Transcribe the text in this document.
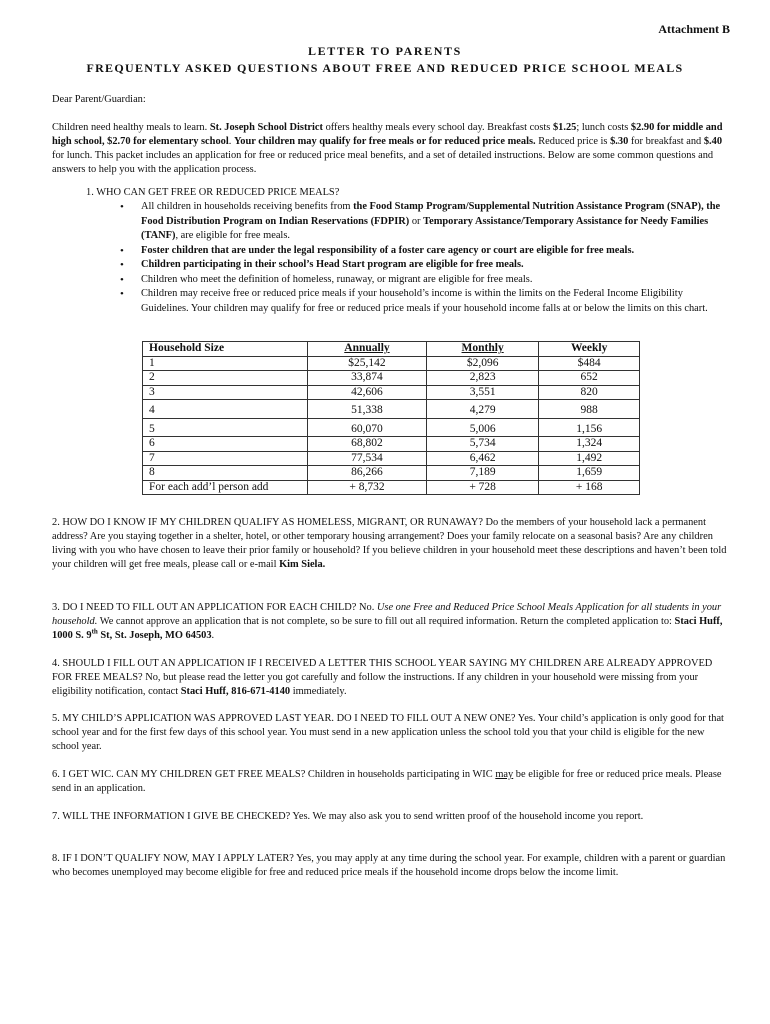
Attachment B
LETTER TO PARENTS
FREQUENTLY ASKED QUESTIONS ABOUT FREE AND REDUCED PRICE SCHOOL MEALS
Dear Parent/Guardian:
Children need healthy meals to learn. St. Joseph School District offers healthy meals every school day. Breakfast costs $1.25; lunch costs $2.90 for middle and high school, $2.70 for elementary school. Your children may qualify for free meals or for reduced price meals. Reduced price is $.30 for breakfast and $.40 for lunch. This packet includes an application for free or reduced price meal benefits, and a set of detailed instructions. Below are some common questions and answers to help you with the application process.
1. WHO CAN GET FREE OR REDUCED PRICE MEALS?
• All children in households receiving benefits from the Food Stamp Program/Supplemental Nutrition Assistance Program (SNAP), the Food Distribution Program on Indian Reservations (FDPIR) or Temporary Assistance/Temporary Assistance for Needy Families (TANF), are eligible for free meals.
• Foster children that are under the legal responsibility of a foster care agency or court are eligible for free meals.
• Children participating in their school’s Head Start program are eligible for free meals.
• Children who meet the definition of homeless, runaway, or migrant are eligible for free meals.
• Children may receive free or reduced price meals if your household’s income is within the limits on the Federal Income Eligibility Guidelines. Your children may qualify for free or reduced price meals if your household income falls at or below the limits on this chart.
Household Size	Annually	Monthly	Weekly
1	$25,142	$2,096	$484
2	33,874	2,823	652
3	42,606	3,551	820
4	51,338	4,279	988
5	60,070	5,006	1,156
6	68,802	5,734	1,324
7	77,534	6,462	1,492
8	86,266	7,189	1,659
For each add’l person add	+ 8,732	+ 728	+ 168
2. HOW DO I KNOW IF MY CHILDREN QUALIFY AS HOMELESS, MIGRANT, OR RUNAWAY? Do the members of your household lack a permanent address? Are you staying together in a shelter, hotel, or other temporary housing arrangement? Does your family relocate on a seasonal basis? Are any children living with you who have chosen to leave their prior family or household? If you believe children in your household meet these descriptions and haven’t been told your children will get free meals, please call or e-mail Kim Siela.
3. DO I NEED TO FILL OUT AN APPLICATION FOR EACH CHILD? No. Use one Free and Reduced Price School Meals Application for all students in your household. We cannot approve an application that is not complete, so be sure to fill out all required information. Return the completed application to: Staci Huff, 1000 S. 9th St, St. Joseph, MO 64503.
4. SHOULD I FILL OUT AN APPLICATION IF I RECEIVED A LETTER THIS SCHOOL YEAR SAYING MY CHILDREN ARE ALREADY APPROVED FOR FREE MEALS? No, but please read the letter you got carefully and follow the instructions. If any children in your household were missing from your eligibility notification, contact Staci Huff, 816-671-4140 immediately.
5. MY CHILD’S APPLICATION WAS APPROVED LAST YEAR. DO I NEED TO FILL OUT A NEW ONE? Yes. Your child’s application is only good for that school year and for the first few days of this school year. You must send in a new application unless the school told you that your child is eligible for the new school year.
6. I GET WIC. CAN MY CHILDREN GET FREE MEALS? Children in households participating in WIC may be eligible for free or reduced price meals. Please send in an application.
7. WILL THE INFORMATION I GIVE BE CHECKED? Yes. We may also ask you to send written proof of the household income you report.
8. IF I DON’T QUALIFY NOW, MAY I APPLY LATER? Yes, you may apply at any time during the school year. For example, children with a parent or guardian who becomes unemployed may become eligible for free and reduced price meals if the household income drops below the income limit.
